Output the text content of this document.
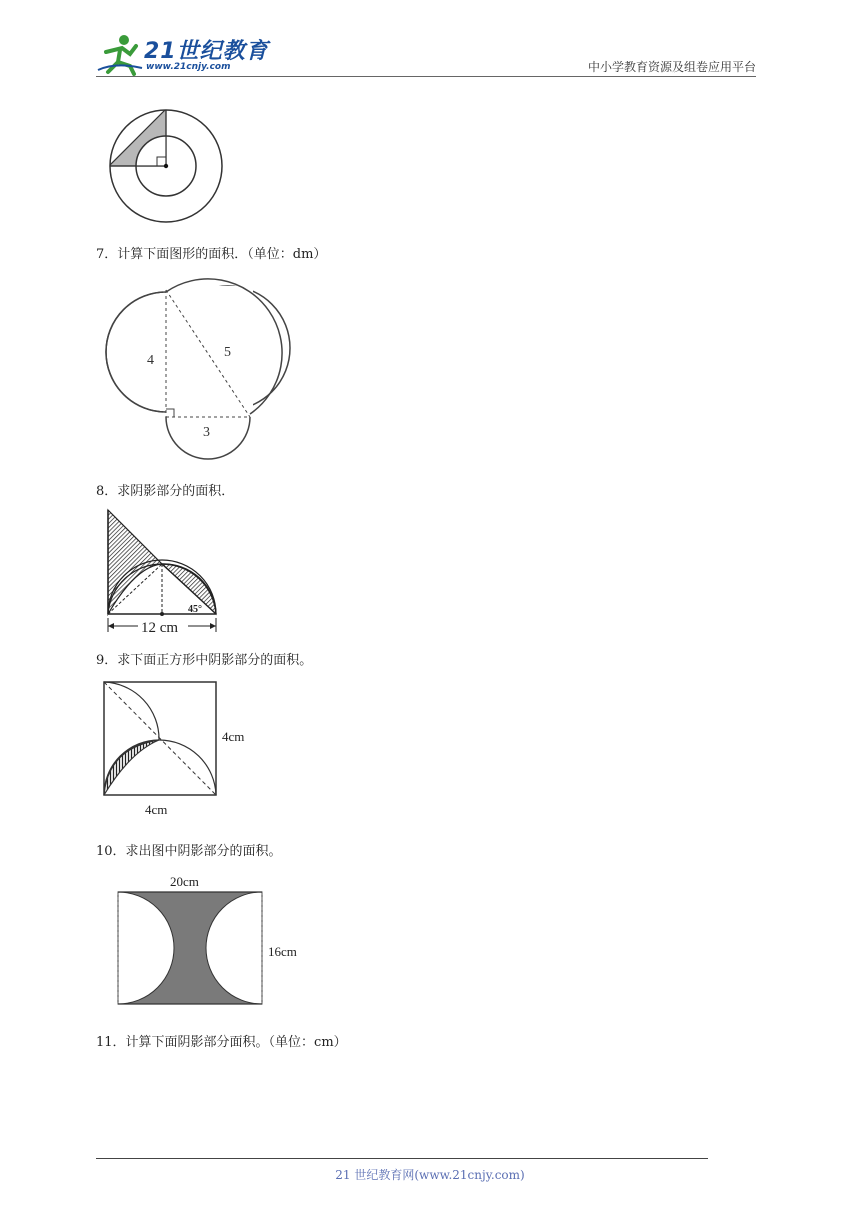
21世纪教育
www.21cnjy.com	中小学教育资源及组卷应用平台
7．计算下面图形的面积．（单位：dm）
4
5
3
8．求阴影部分的面积．
45°
12 cm
9．求下面正方形中阴影部分的面积。
4cm
4cm
10．求出图中阴影部分的面积。
20cm
16cm
11．计算下面阴影部分面积。（单位：cm）
21 世纪教育网(www.21cnjy.com)
